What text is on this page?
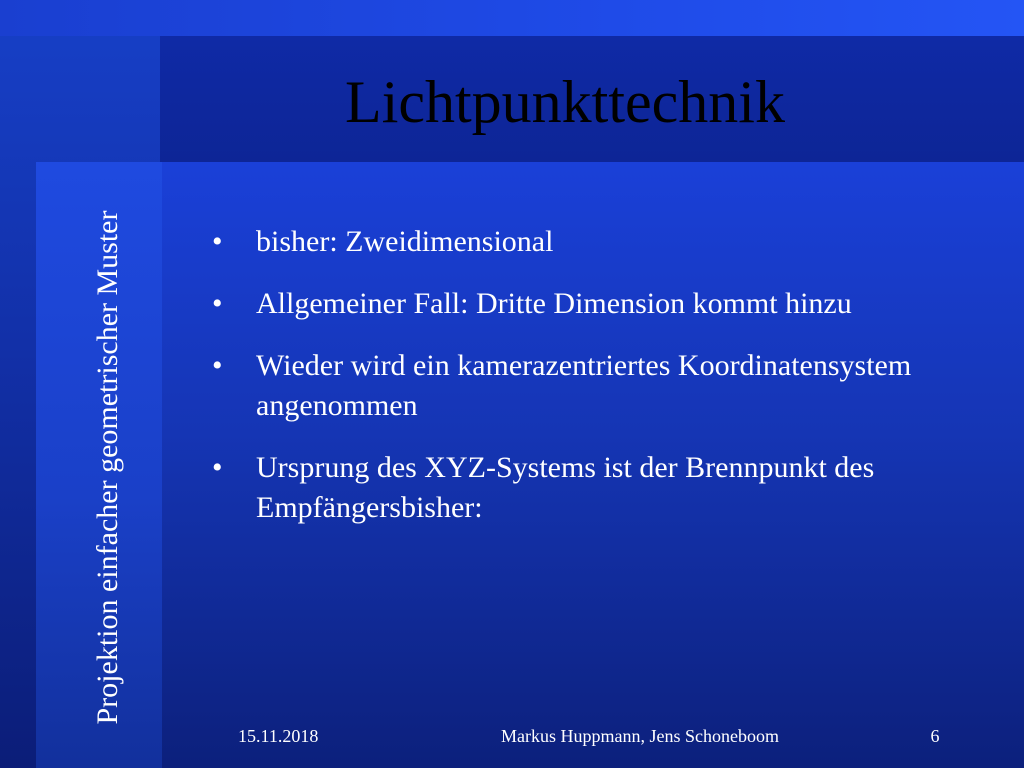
Lichtpunkttechnik
Projektion einfacher geometrischer Muster	•	bisher: Zweidimensional
•	Allgemeiner Fall: Dritte Dimension kommt hinzu
•	Wieder wird ein kamerazentriertes Koordinatensystem angenommen
•	Ursprung des XYZ-Systems ist der Brennpunkt des Empfängersbisher:
15.11.2018	Markus Huppmann, Jens Schoneboom	6
